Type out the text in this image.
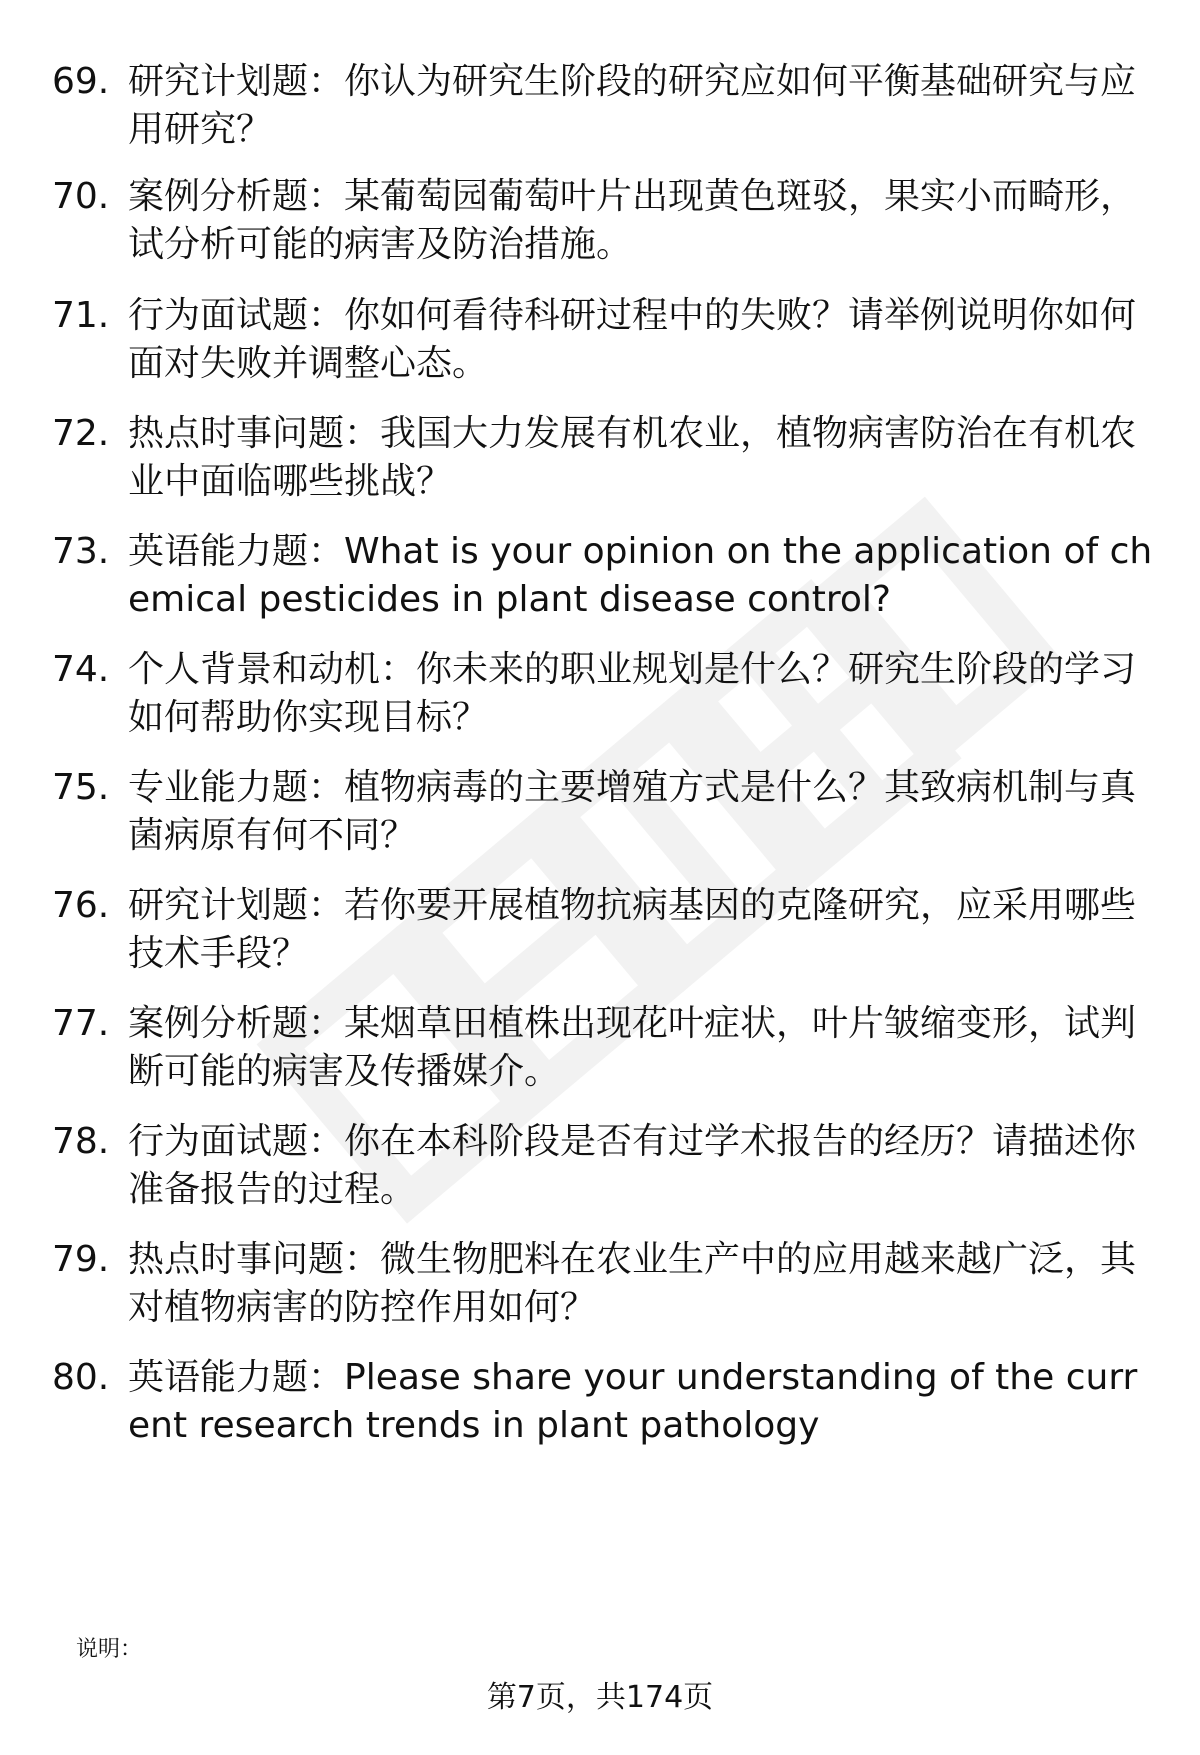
69. 研究计划题：你认为研究生阶段的研究应如何平衡基础研究与应用研究？
70. 案例分析题：某葡萄园葡萄叶片出现黄色斑驳，果实小而畸形，试分析可能的病害及防治措施。
71. 行为面试题：你如何看待科研过程中的失败？请举例说明你如何面对失败并调整心态。
72. 热点时事问题：我国大力发展有机农业，植物病害防治在有机农业中面临哪些挑战？
73. 英语能力题：What is your opinion on the application of chemical pesticides in plant disease control?
74. 个人背景和动机：你未来的职业规划是什么？研究生阶段的学习如何帮助你实现目标？
75. 专业能力题：植物病毒的主要增殖方式是什么？其致病机制与真菌病原有何不同？
76. 研究计划题：若你要开展植物抗病基因的克隆研究，应采用哪些技术手段？
77. 案例分析题：某烟草田植株出现花叶症状，叶片皱缩变形，试判断可能的病害及传播媒介。
78. 行为面试题：你在本科阶段是否有过学术报告的经历？请描述你准备报告的过程。
79. 热点时事问题：微生物肥料在农业生产中的应用越来越广泛，其对植物病害的防控作用如何？
80. 英语能力题：Please share your understanding of the current research trends in plant pathology
说明：
第7页，共174页
